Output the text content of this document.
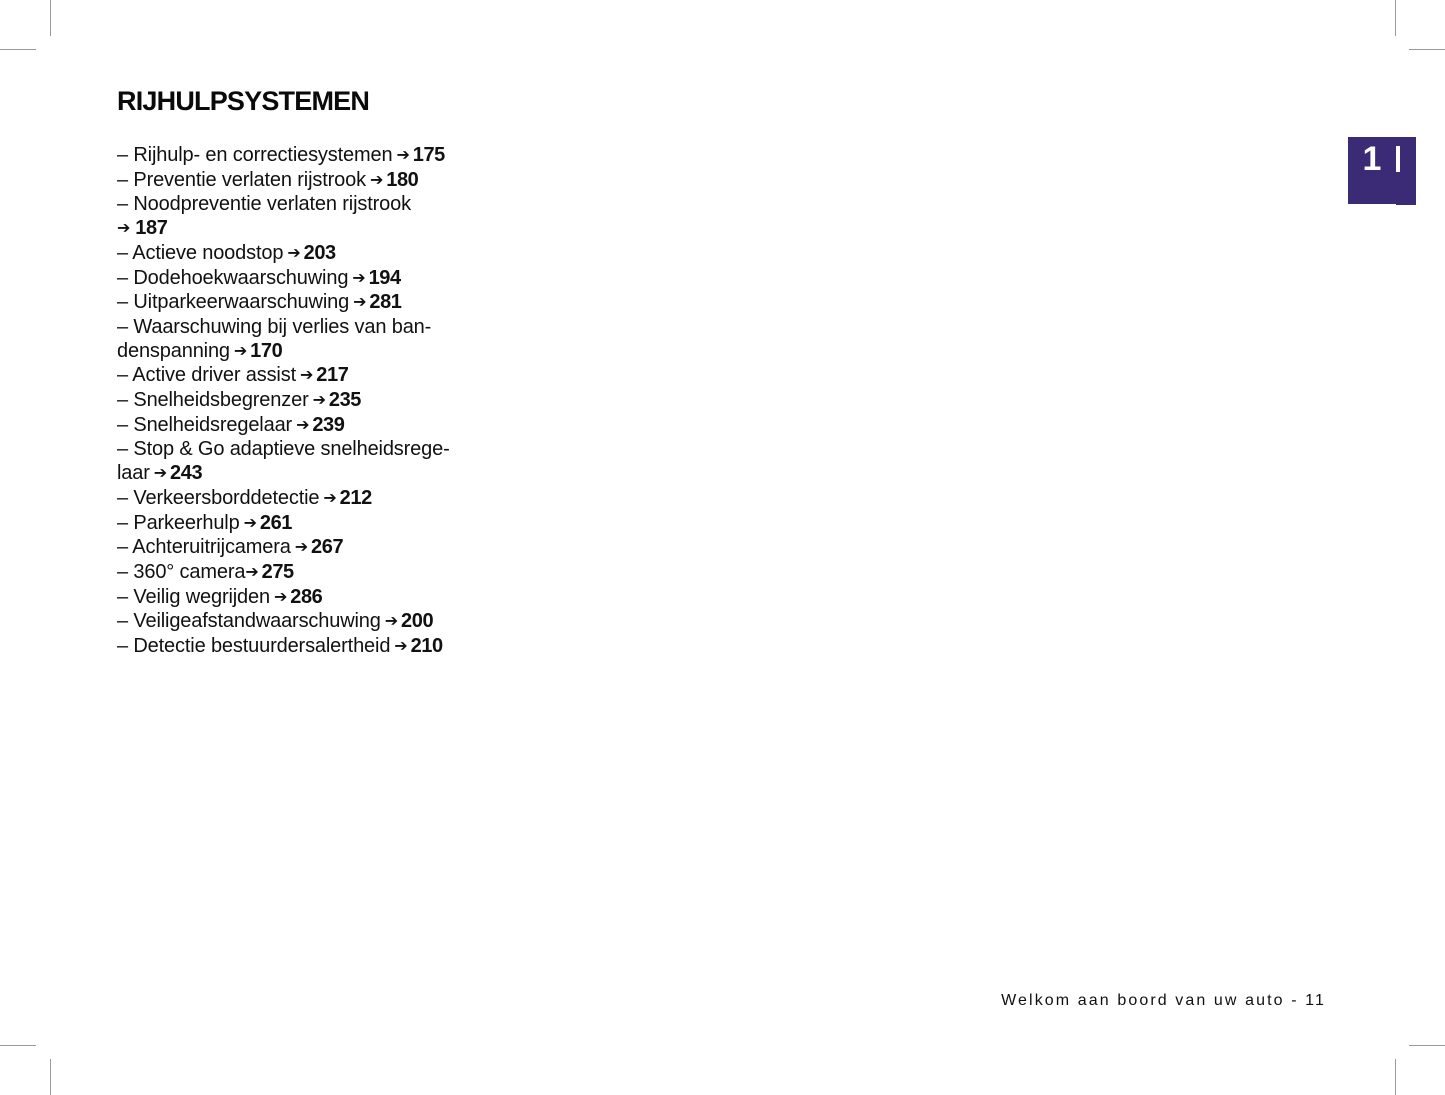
RIJHULPSYSTEMEN
– Rijhulp- en correctiesystemen ➔ 175
– Preventie verlaten rijstrook ➔ 180
– Noodpreventie verlaten rijstrook
➔ 187
– Actieve noodstop ➔ 203
– Dodehoekwaarschuwing ➔ 194
– Uitparkeerwaarschuwing ➔ 281
– Waarschuwing bij verlies van ban-
denspanning ➔ 170
– Active driver assist ➔ 217
– Snelheidsbegrenzer ➔ 235
– Snelheidsregelaar ➔ 239
– Stop & Go adaptieve snelheidsrege-
laar ➔ 243
– Verkeersborddetectie ➔ 212
– Parkeerhulp ➔ 261
– Achteruitrijcamera ➔ 267
– 360° camera➔ 275
– Veilig wegrijden ➔ 286
– Veiligeafstandwaarschuwing ➔ 200
– Detectie bestuurdersalertheid ➔ 210
1
Welkom aan boord van uw auto - 11
